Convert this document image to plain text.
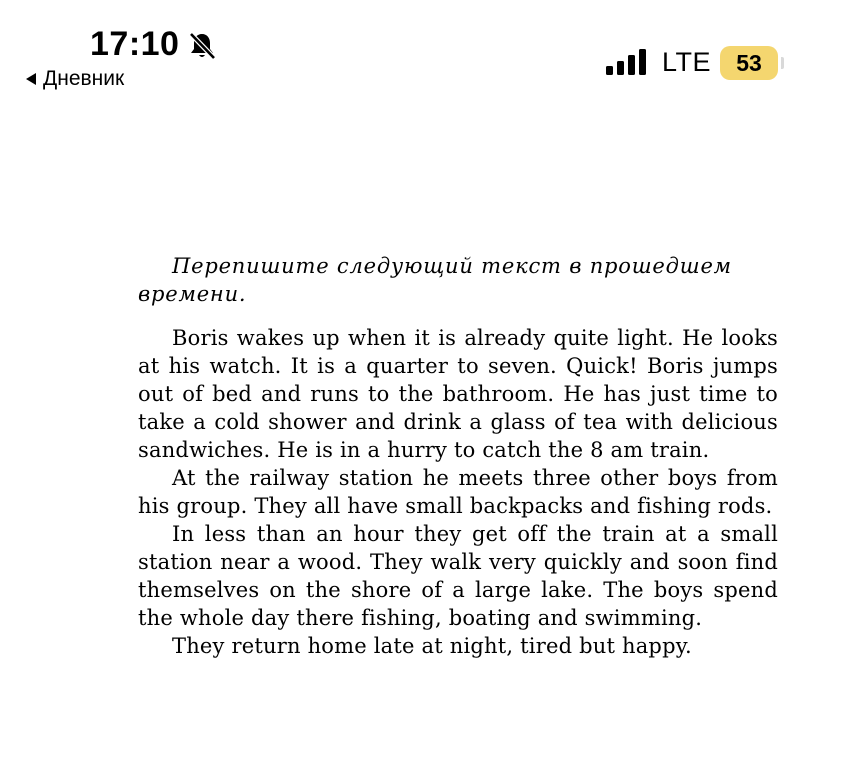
17:10
Дневник
LTE	53

Перепишите следующий текст в прошедшем времени.

Boris wakes up when it is already quite light. He looks at his watch. It is a quarter to seven. Quick! Boris jumps out of bed and runs to the bathroom. He has just time to take a cold shower and drink a glass of tea with delicious sandwiches. He is in a hurry to catch the 8 am train.

At the railway station he meets three other boys from his group. They all have small backpacks and fishing rods.

In less than an hour they get off the train at a small station near a wood. They walk very quickly and soon find themselves on the shore of a large lake. The boys spend the whole day there fishing, boating and swimming.

They return home late at night, tired but happy.
